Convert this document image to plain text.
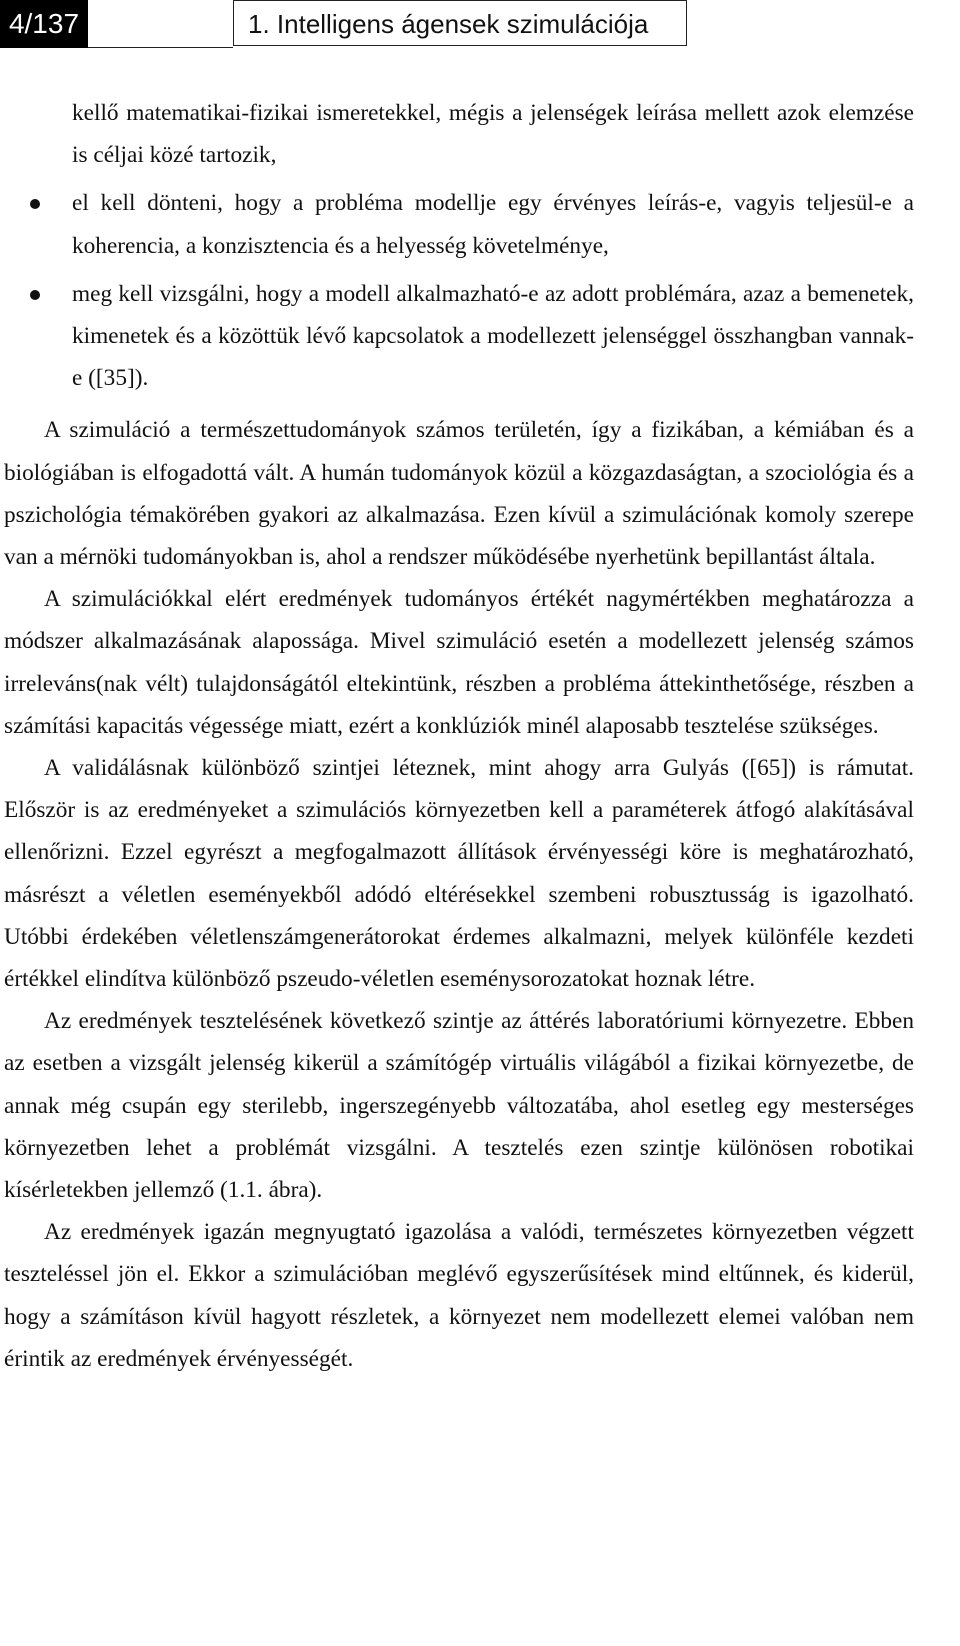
4/137	1. Intelligens ágensek szimulációja
kellő matematikai-fizikai ismeretekkel, mégis a jelenségek leírása mellett azok elemzése is céljai közé tartozik,
el kell dönteni, hogy a probléma modellje egy érvényes leírás-e, vagyis teljesül-e a koherencia, a konzisztencia és a helyesség követelménye,
meg kell vizsgálni, hogy a modell alkalmazható-e az adott problémára, azaz a bemenetek, kimenetek és a közöttük lévő kapcsolatok a modellezett jelenséggel összhangban vannak-e ([35]).

A szimuláció a természettudományok számos területén, így a fizikában, a kémiában és a biológiában is elfogadottá vált. A humán tudományok közül a közgazdaságtan, a szociológia és a pszichológia témakörében gyakori az alkalmazása. Ezen kívül a szimulációnak komoly szerepe van a mérnöki tudományokban is, ahol a rendszer működésébe nyerhetünk bepillantást általa.

A szimulációkkal elért eredmények tudományos értékét nagymértékben meghatározza a módszer alkalmazásának alapossága. Mivel szimuláció esetén a modellezett jelenség számos irreleváns(nak vélt) tulajdonságától eltekintünk, részben a probléma áttekinthetősége, részben a számítási kapacitás végessége miatt, ezért a konklúziók minél alaposabb tesztelése szükséges.

A validálásnak különböző szintjei léteznek, mint ahogy arra Gulyás ([65]) is rámutat. Először is az eredményeket a szimulációs környezetben kell a paraméterek átfogó alakításával ellenőrizni. Ezzel egyrészt a megfogalmazott állítások érvényességi köre is meghatározható, másrészt a véletlen eseményekből adódó eltérésekkel szembeni robusztusság is igazolható. Utóbbi érdekében véletlenszámgenerátorokat érdemes alkalmazni, melyek különféle kezdeti értékkel elindítva különböző pszeudo-véletlen eseménysorozatokat hoznak létre.

Az eredmények tesztelésének következő szintje az áttérés laboratóriumi környezetre. Ebben az esetben a vizsgált jelenség kikerül a számítógép virtuális világából a fizikai környezetbe, de annak még csupán egy sterilebb, ingerszegényebb változatába, ahol esetleg egy mesterséges környezetben lehet a problémát vizsgálni. A tesztelés ezen szintje különösen robotikai kísérletekben jellemző (1.1. ábra).

Az eredmények igazán megnyugtató igazolása a valódi, természetes környezetben végzett teszteléssel jön el. Ekkor a szimulációban meglévő egyszerűsítések mind eltűnnek, és kiderül, hogy a számításon kívül hagyott részletek, a környezet nem modellezett elemei valóban nem érintik az eredmények érvényességét.
